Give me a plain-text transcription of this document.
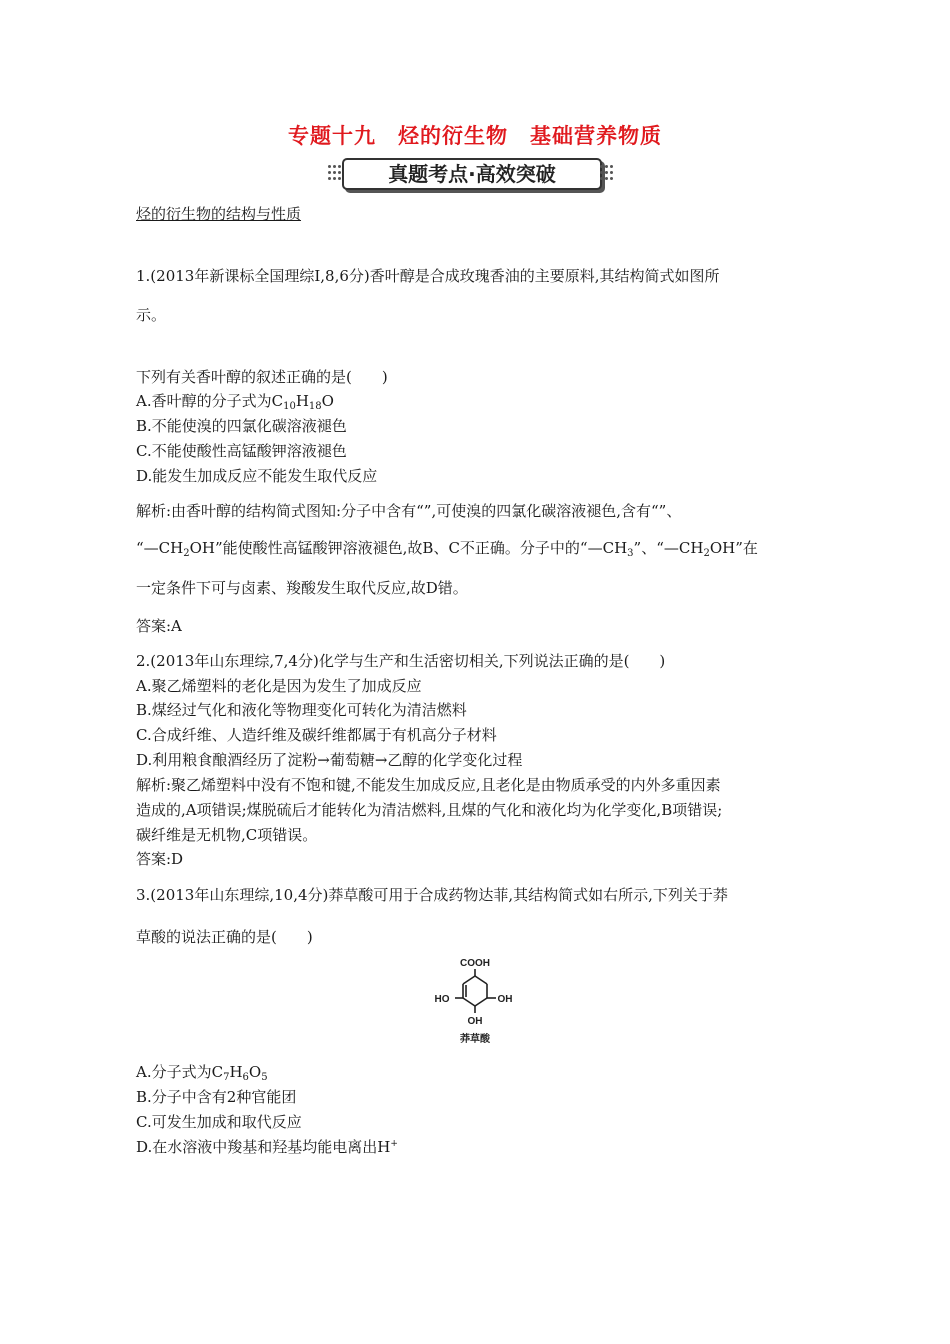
专题十九　烃的衍生物　基础营养物质
真题考点·高效突破
烃的衍生物的结构与性质
1.(2013年新课标全国理综Ⅰ,8,6分)香叶醇是合成玫瑰香油的主要原料,其结构简式如图所
示。
下列有关香叶醇的叙述正确的是(　　)
A.香叶醇的分子式为$C_{10}H_{18}O$
B.不能使溴的四氯化碳溶液褪色
C.不能使酸性高锰酸钾溶液褪色
D.能发生加成反应不能发生取代反应
解析:由香叶醇的结构简式图知:分子中含有“”,可使溴的四氯化碳溶液褪色,含有“”、
“$—CH_2OH$”能使酸性高锰酸钾溶液褪色,故B、C不正确。分子中的“$—CH_3$”、“$—CH_2OH$”在
一定条件下可与卤素、羧酸发生取代反应,故D错。
答案:A
2.(2013年山东理综,7,4分)化学与生产和生活密切相关,下列说法正确的是(　　)
A.聚乙烯塑料的老化是因为发生了加成反应
B.煤经过气化和液化等物理变化可转化为清洁燃料
C.合成纤维、人造纤维及碳纤维都属于有机高分子材料
D.利用粮食酿酒经历了淀粉→葡萄糖→乙醇的化学变化过程
解析:聚乙烯塑料中没有不饱和键,不能发生加成反应,且老化是由物质承受的内外多重因素
造成的,A项错误;煤脱硫后才能转化为清洁燃料,且煤的气化和液化均为化学变化,B项错误;
碳纤维是无机物,C项错误。
答案:D
3.(2013年山东理综,10,4分)莽草酸可用于合成药物达菲,其结构简式如右所示,下列关于莽
草酸的说法正确的是(　　)
COOH
HO	OH
OH
莽草酸
A.分子式为$C_7H_6O_5$
B.分子中含有2种官能团
C.可发生加成和取代反应
D.在水溶液中羧基和羟基均能电离出H+
